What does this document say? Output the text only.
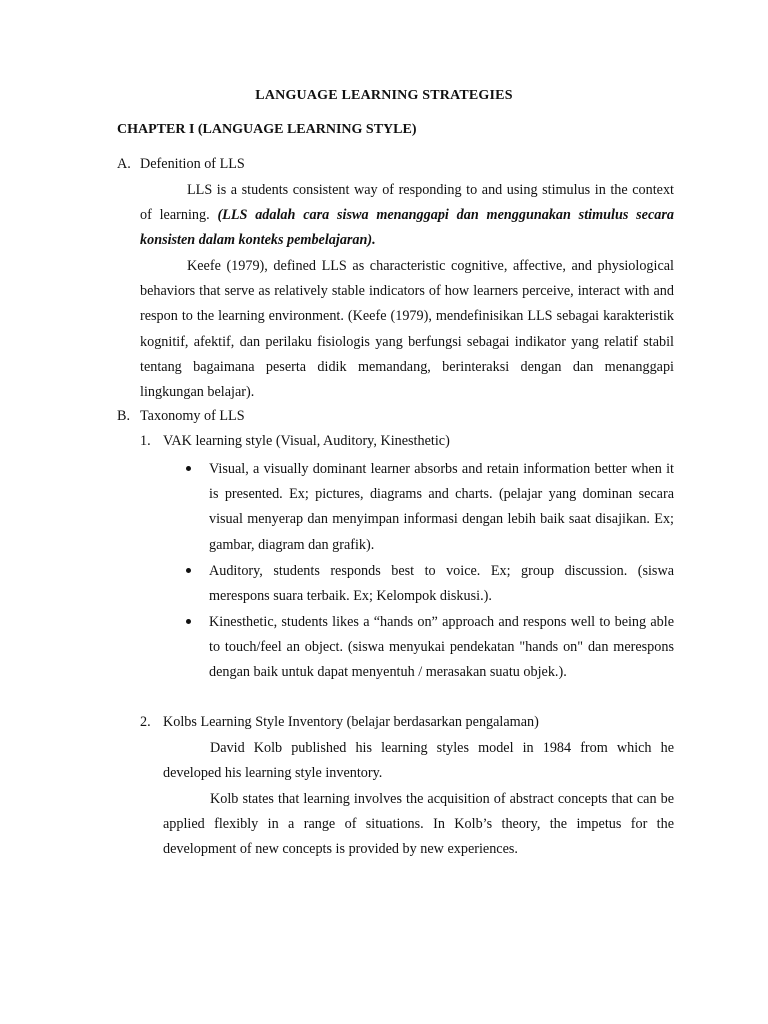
LANGUAGE LEARNING STRATEGIES
CHAPTER I (LANGUAGE LEARNING STYLE)
A. Defenition of LLS

LLS is a students consistent way of responding to and using stimulus in the context of learning. (LLS adalah cara siswa menanggapi dan menggunakan stimulus secara konsisten dalam konteks pembelajaran).

Keefe (1979), defined LLS as characteristic cognitive, affective, and physiological behaviors that serve as relatively stable indicators of how learners perceive, interact with and respon to the learning environment. (Keefe (1979), mendefinisikan LLS sebagai karakteristik kognitif, afektif, dan perilaku fisiologis yang berfungsi sebagai indikator yang relatif stabil tentang bagaimana peserta didik memandang, berinteraksi dengan dan menanggapi lingkungan belajar).

B. Taxonomy of LLS
1. VAK learning style (Visual, Auditory, Kinesthetic)

Visual, a visually dominant learner absorbs and retain information better when it is presented. Ex; pictures, diagrams and charts. (pelajar yang dominan secara visual menyerap dan menyimpan informasi dengan lebih baik saat disajikan. Ex; gambar, diagram dan grafik).

Auditory, students responds best to voice. Ex; group discussion. (siswa merespons suara terbaik. Ex; Kelompok diskusi.).

Kinesthetic, students likes a “hands on” approach and respons well to being able to touch/feel an object. (siswa menyukai pendekatan "hands on" dan merespons dengan baik untuk dapat menyentuh / merasakan suatu objek.).

2. Kolbs Learning Style Inventory (belajar berdasarkan pengalaman)

David Kolb published his learning styles model in 1984 from which he developed his learning style inventory.

Kolb states that learning involves the acquisition of abstract concepts that can be applied flexibly in a range of situations. In Kolb’s theory, the impetus for the development of new concepts is provided by new experiences.
